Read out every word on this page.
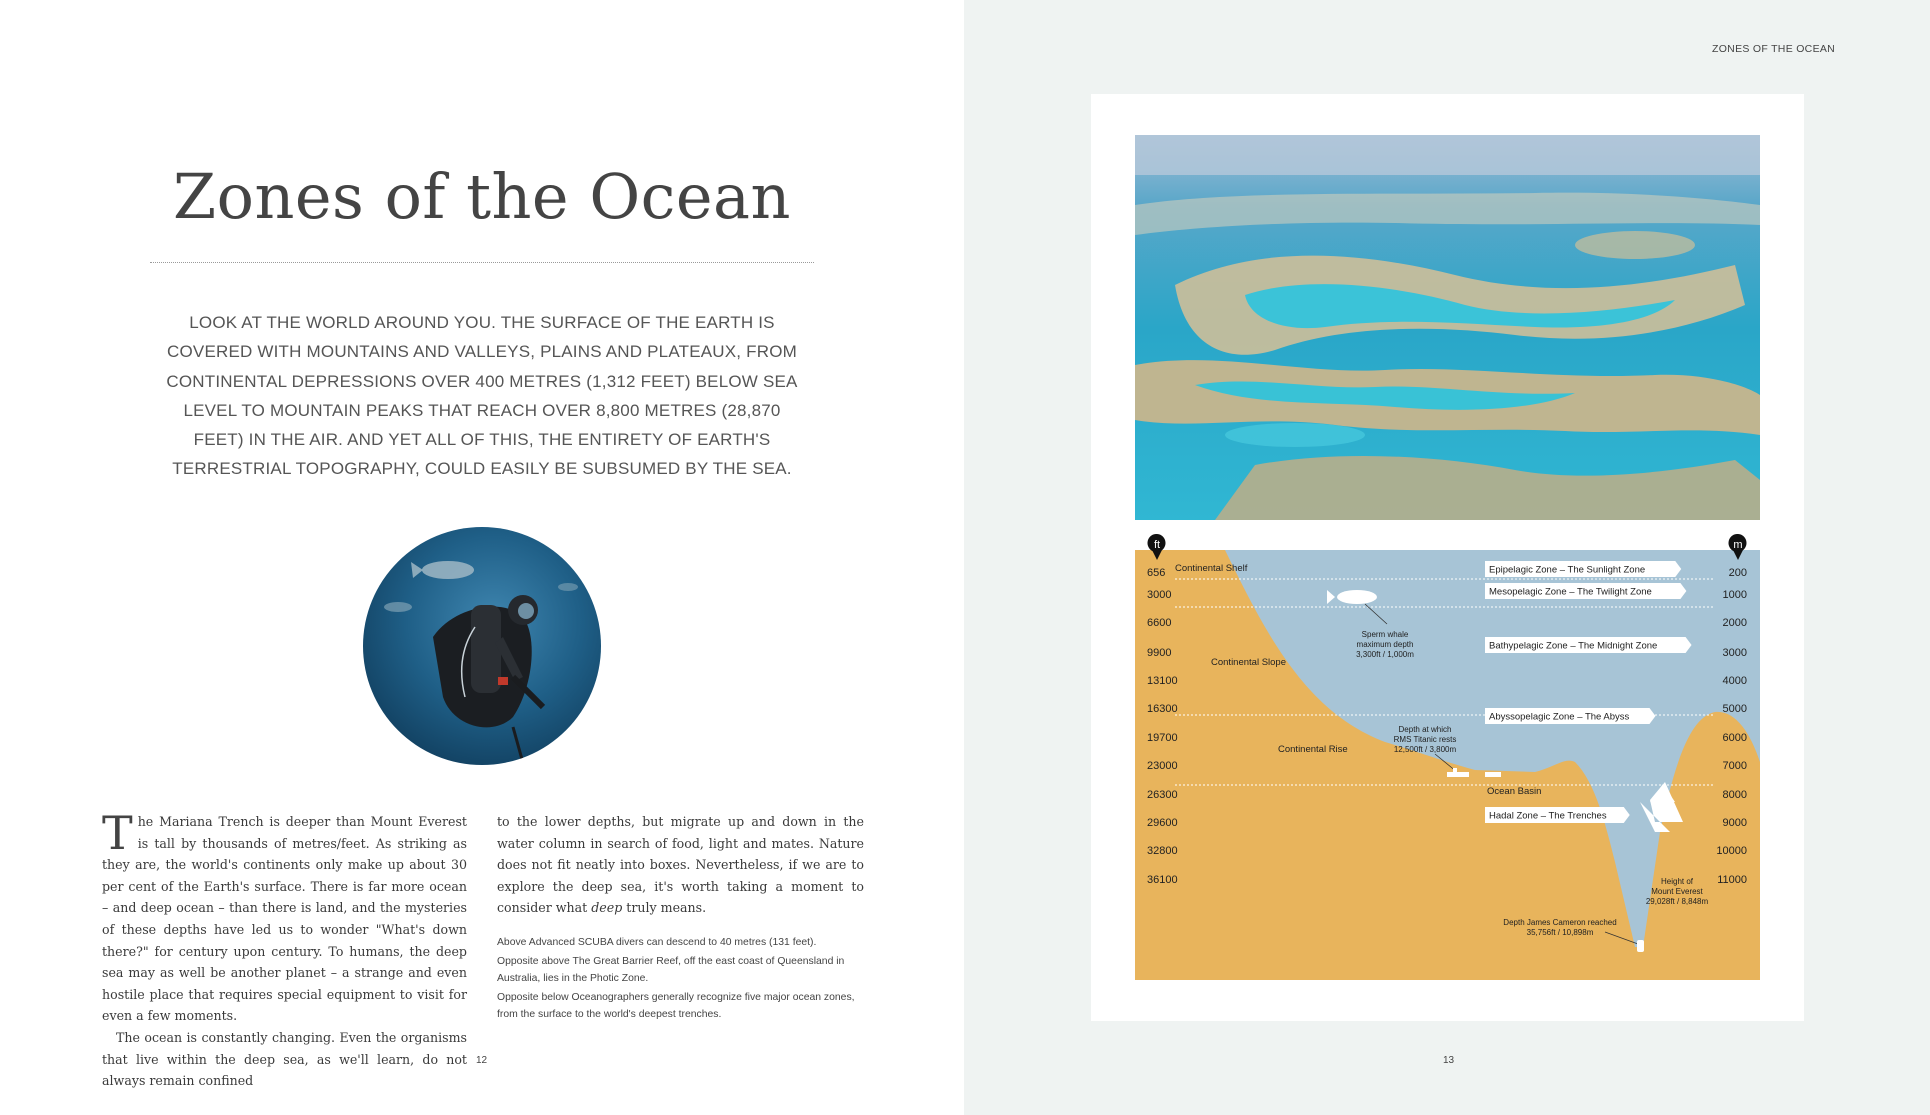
Zones of the Ocean

LOOK AT THE WORLD AROUND YOU. THE SURFACE OF THE EARTH IS COVERED WITH MOUNTAINS AND VALLEYS, PLAINS AND PLATEAUX, FROM CONTINENTAL DEPRESSIONS OVER 400 METRES (1,312 FEET) BELOW SEA LEVEL TO MOUNTAIN PEAKS THAT REACH OVER 8,800 METRES (28,870 FEET) IN THE AIR. AND YET ALL OF THIS, THE ENTIRETY OF EARTH'S TERRESTRIAL TOPOGRAPHY, COULD EASILY BE SUBSUMED BY THE SEA.

The Mariana Trench is deeper than Mount Everest is tall by thousands of metres/feet. As striking as they are, the world's continents only make up about 30 per cent of the Earth's surface. There is far more ocean – and deep ocean – than there is land, and the mysteries of these depths have led us to wonder "What's down there?" for century upon century. To humans, the deep sea may as well be another planet – a strange and even hostile place that requires special equipment to visit for even a few moments.

The ocean is constantly changing. Even the organisms that live within the deep sea, as we'll learn, do not always remain confined

to the lower depths, but migrate up and down in the water column in search of food, light and mates. Nature does not fit neatly into boxes. Nevertheless, if we are to explore the deep sea, it's worth taking a moment to consider what deep truly means.

Above Advanced SCUBA divers can descend to 40 metres (131 feet).

Opposite above The Great Barrier Reef, off the east coast of Queensland in Australia, lies in the Photic Zone.

Opposite below Oceanographers generally recognize five major ocean zones, from the surface to the world's deepest trenches.

12
ZONES OF THE OCEAN
13
656
3000
6600
9900
13100
16300
19700
23000
26300
29600
32800
36100
200
1000
2000
3000
4000
5000
6000
7000
8000
9000
10000
11000
Epipelagic Zone – The Sunlight Zone
Mesopelagic Zone – The Twilight Zone
Bathypelagic Zone – The Midnight Zone
Abyssopelagic Zone – The Abyss
Hadal Zone – The Trenches
ft	m
Continental Shelf
Continental Slope
Continental Rise
Ocean Basin
Sperm whale
maximum depth
3,300ft / 1,000m
Depth at which
RMS Titanic rests
12,500ft / 3,800m
Height of
Mount Everest
29,028ft / 8,848m
Depth James Cameron reached
35,756ft / 10,898m
